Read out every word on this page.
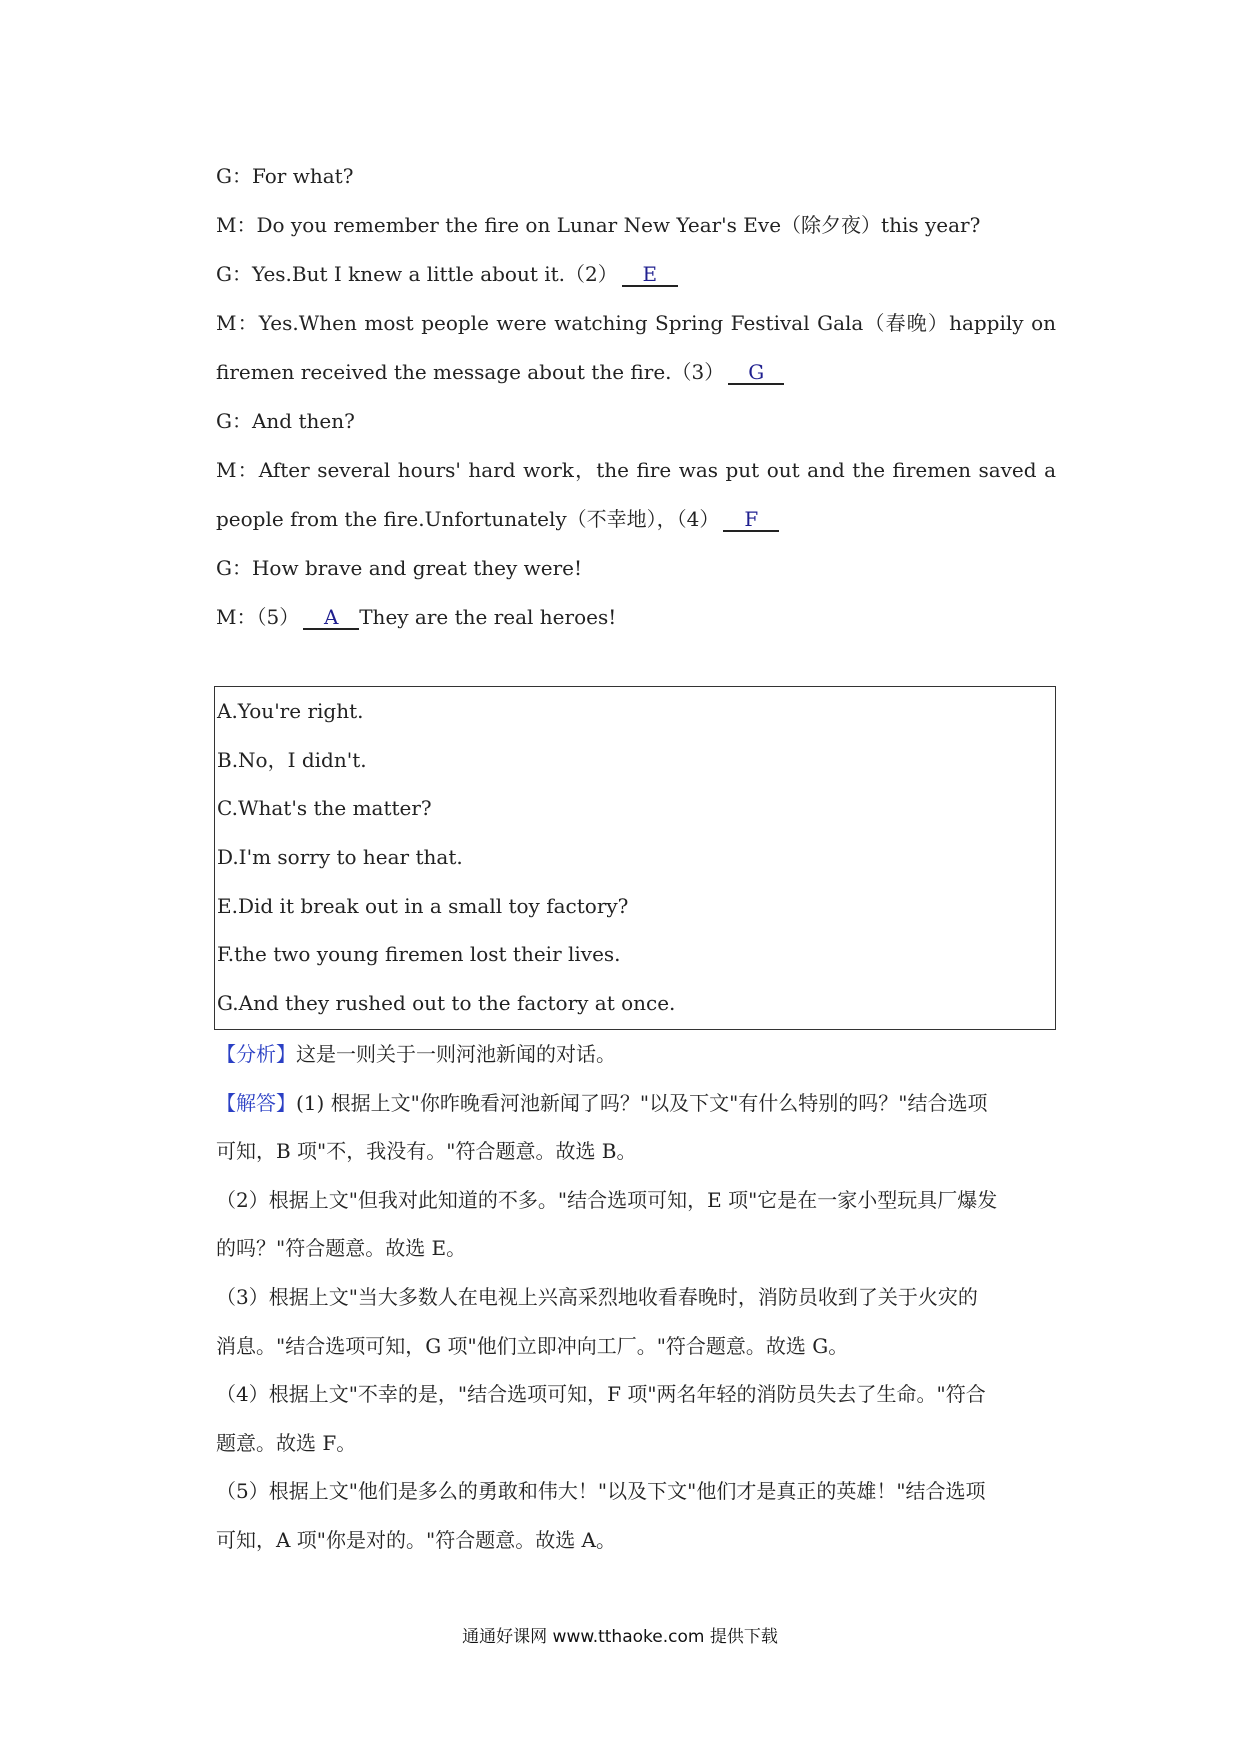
G：For what?
M：Do you remember the fire on Lunar New Year's Eve（除夕夜）this year?
G：Yes.But I knew a little about it.（2） E
M：Yes.When most people were watching Spring Festival Gala（春晚）happily on
firemen received the message about the fire.（3） G
G：And then?
M：After several hours' hard work，the fire was put out and the firemen saved a
people from the fire.Unfortunately（不幸地），（4） F
G：How brave and great they were!
M：（5） A They are the real heroes!
A.You're right.
B.No，I didn't.
C.What's the matter?
D.I'm sorry to hear that.
E.Did it break out in a small toy factory?
F.the two young firemen lost their lives.
G.And they rushed out to the factory at once.
【分析】这是一则关于一则河池新闻的对话。
【解答】(1) 根据上文"你昨晚看河池新闻了吗？"以及下文"有什么特别的吗？"结合选项
可知，B 项"不，我没有。"符合题意。故选 B。
（2）根据上文"但我对此知道的不多。"结合选项可知，E 项"它是在一家小型玩具厂爆发
的吗？"符合题意。故选 E。
（3）根据上文"当大多数人在电视上兴高采烈地收看春晚时，消防员收到了关于火灾的
消息。"结合选项可知，G 项"他们立即冲向工厂。"符合题意。故选 G。
（4）根据上文"不幸的是，"结合选项可知，F 项"两名年轻的消防员失去了生命。"符合
题意。故选 F。
（5）根据上文"他们是多么的勇敢和伟大！"以及下文"他们才是真正的英雄！"结合选项
可知，A 项"你是对的。"符合题意。故选 A。
通通好课网 www.tthaoke.com 提供下载
